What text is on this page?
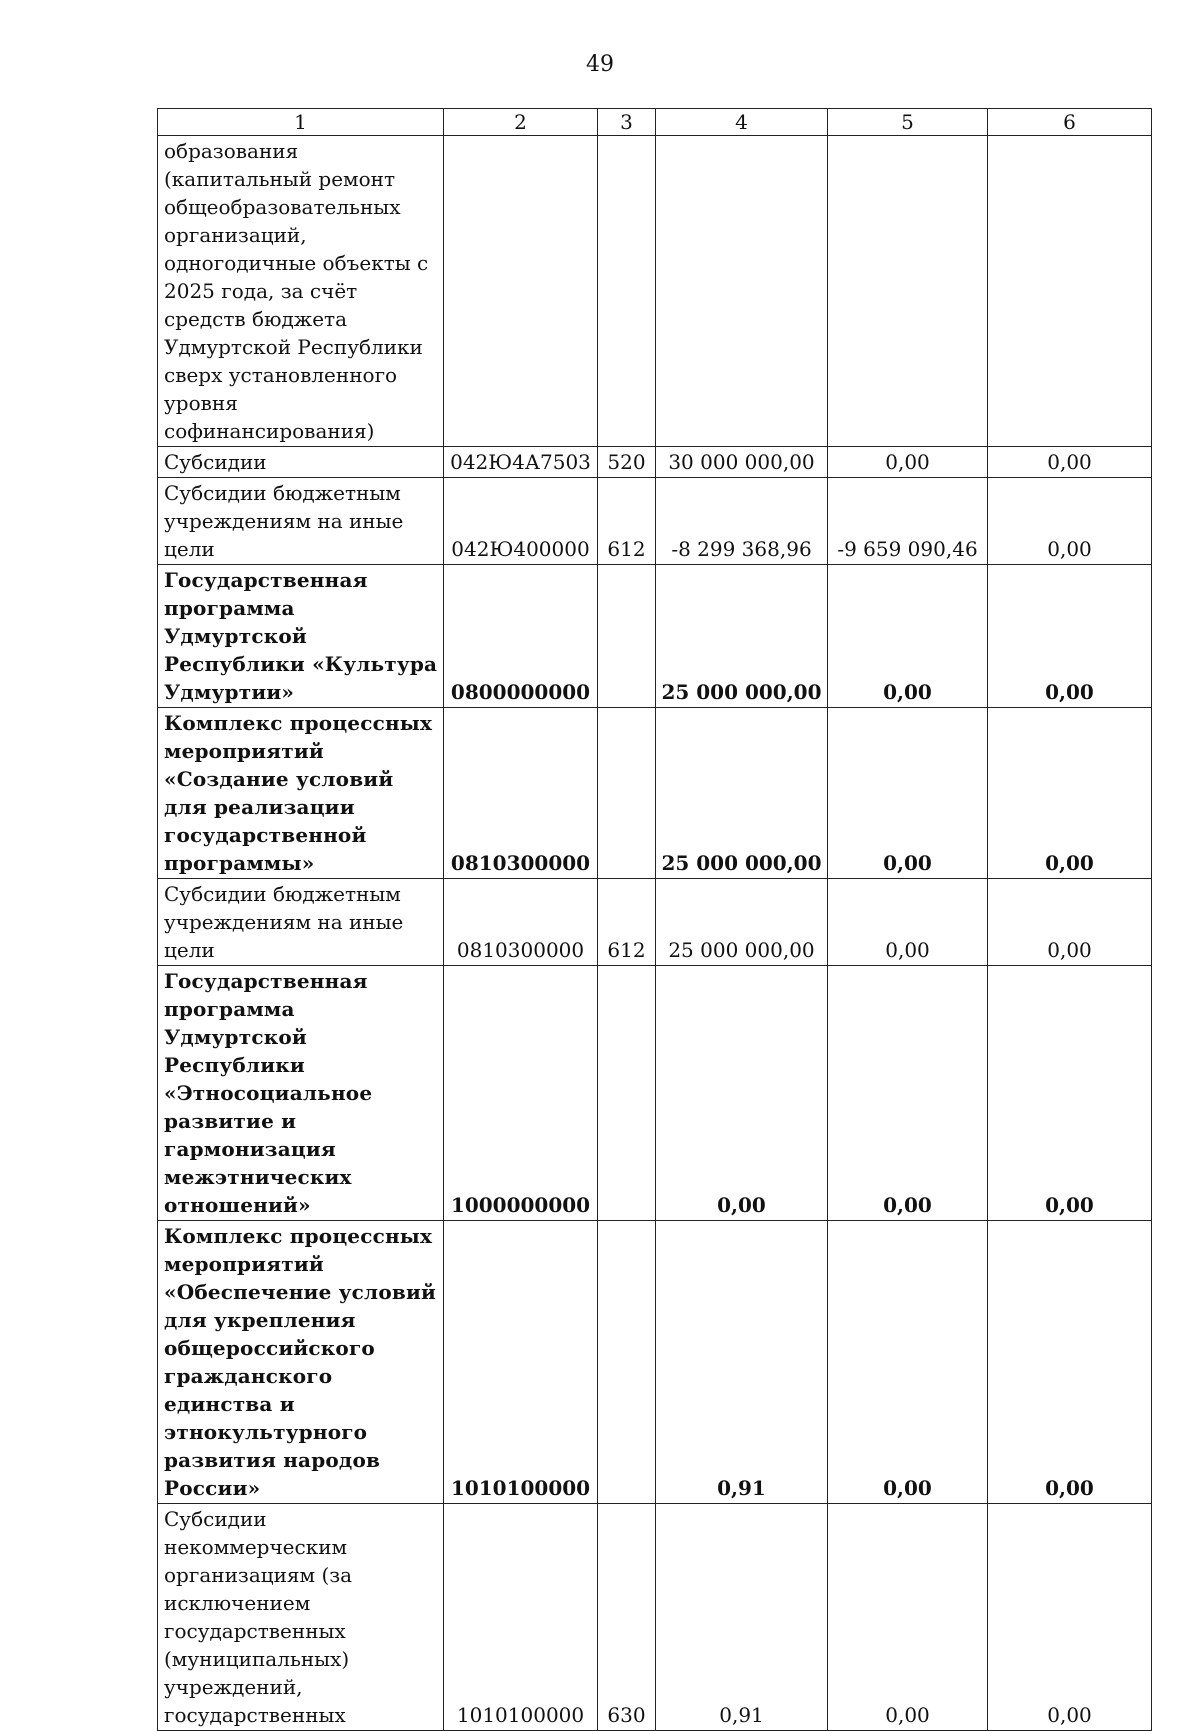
49
1	2	3	4	5	6
образования (капитальный ремонт общеобразовательных организаций, одногодичные объекты с 2025 года, за счёт средств бюджета Удмуртской Республики сверх установленного уровня софинансирования)					
Субсидии	042Ю4А7503	520	30 000 000,00	0,00	0,00
Субсидии бюджетным учреждениям на иные цели	042Ю400000	612	-8 299 368,96	-9 659 090,46	0,00
Государственная программа Удмуртской Республики «Культура Удмуртии»	0800000000		25 000 000,00	0,00	0,00
Комплекс процессных мероприятий «Создание условий для реализации государственной программы»	0810300000		25 000 000,00	0,00	0,00
Субсидии бюджетным учреждениям на иные цели	0810300000	612	25 000 000,00	0,00	0,00
Государственная программа Удмуртской Республики «Этносоциальное развитие и гармонизация межэтнических отношений»	1000000000		0,00	0,00	0,00
Комплекс процессных мероприятий «Обеспечение условий для укрепления общероссийского гражданского единства и этнокультурного развития народов России»	1010100000		0,91	0,00	0,00
Субсидии некоммерческим организациям (за исключением государственных (муниципальных) учреждений, государственных	1010100000	630	0,91	0,00	0,00
